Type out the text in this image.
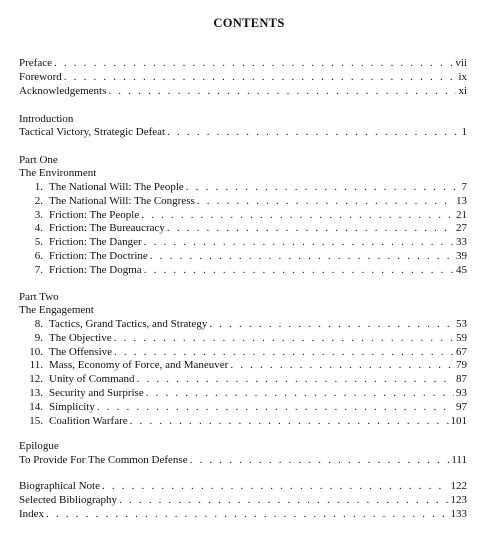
CONTENTS
Preface . . .	vii
Foreword . . .	ix
Acknowledgements . . .	xi
Introduction
Tactical Victory, Strategic Defeat . . .	1
Part One
The Environment
1. The National Will: The People . . .	7
2. The National Will: The Congress . . .	13
3. Friction: The People . . .	21
4. Friction: The Bureaucracy . . .	27
5. Friction: The Danger . . .	33
6. Friction: The Doctrine . . .	39
7. Friction: The Dogma . . .	45
Part Two
The Engagement
8. Tactics, Grand Tactics, and Strategy . . .	53
9. The Objective . . .	59
10. The Offensive . . .	67
11. Mass, Economy of Force, and Maneuver . . .	79
12. Unity of Command . . .	87
13. Security and Surprise . . .	93
14. Simplicity . . .	97
15. Coalition Warfare . . .	101
Epilogue
To Provide For The Common Defense . . .	111
Biographical Note . . .	122
Selected Bibliography . . .	123
Index . . .	133
